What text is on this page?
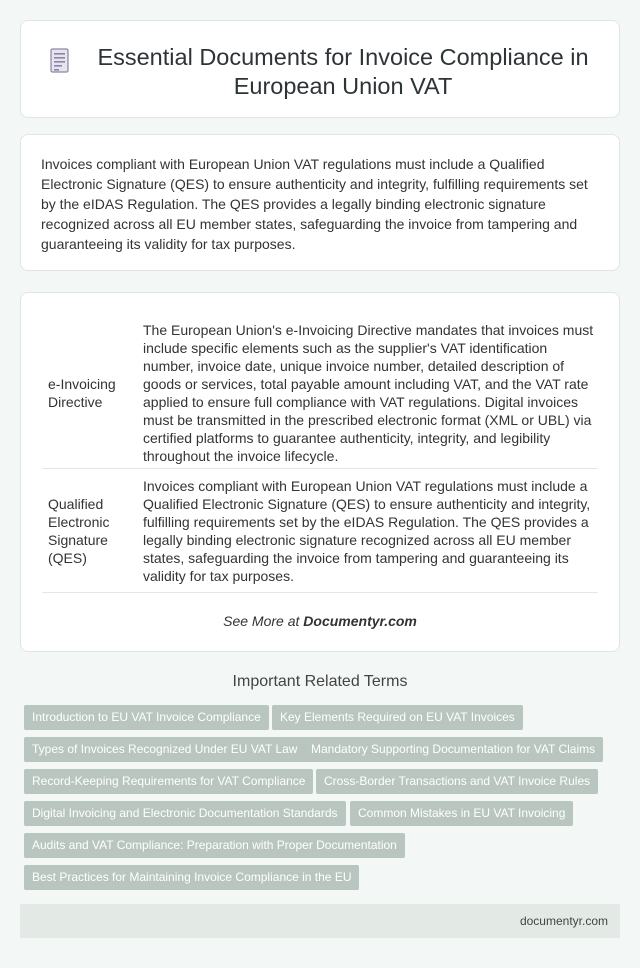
Essential Documents for Invoice Compliance in European Union VAT

Invoices compliant with European Union VAT regulations must include a Qualified Electronic Signature (QES) to ensure authenticity and integrity, fulfilling requirements set by the eIDAS Regulation. The QES provides a legally binding electronic signature recognized across all EU member states, safeguarding the invoice from tampering and guaranteeing its validity for tax purposes.

e-Invoicing Directive	The European Union's e-Invoicing Directive mandates that invoices must include specific elements such as the supplier's VAT identification number, invoice date, unique invoice number, detailed description of goods or services, total payable amount including VAT, and the VAT rate applied to ensure full compliance with VAT regulations. Digital invoices must be transmitted in the prescribed electronic format (XML or UBL) via certified platforms to guarantee authenticity, integrity, and legibility throughout the invoice lifecycle.
Qualified Electronic Signature (QES)	Invoices compliant with European Union VAT regulations must include a Qualified Electronic Signature (QES) to ensure authenticity and integrity, fulfilling requirements set by the eIDAS Regulation. The QES provides a legally binding electronic signature recognized across all EU member states, safeguarding the invoice from tampering and guaranteeing its validity for tax purposes.
See More at Documentyr.com
Important Related Terms
Introduction to EU VAT Invoice Compliance	Key Elements Required on EU VAT Invoices
Types of Invoices Recognized Under EU VAT Law	Mandatory Supporting Documentation for VAT Claims
Record-Keeping Requirements for VAT Compliance	Cross-Border Transactions and VAT Invoice Rules
Digital Invoicing and Electronic Documentation Standards	Common Mistakes in EU VAT Invoicing
Audits and VAT Compliance: Preparation with Proper Documentation
Best Practices for Maintaining Invoice Compliance in the EU
documentyr.com
